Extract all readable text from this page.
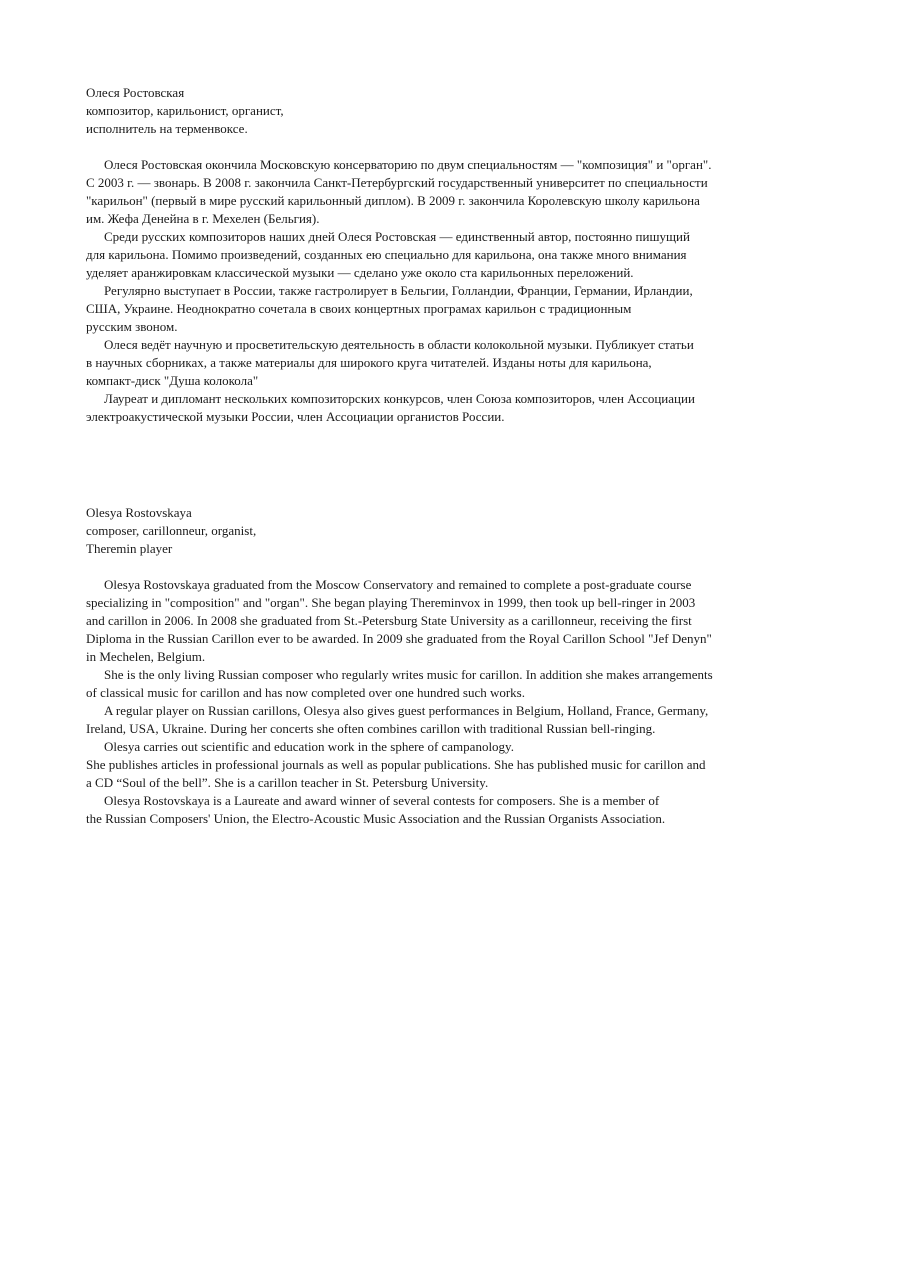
Олеся Ростовская
композитор, карильонист, органист,
исполнитель на терменвоксе.
Олеся Ростовская окончила Московскую консерваторию по двум специальностям — "композиция" и "орган".
С 2003 г. — звонарь. В 2008 г. закончила Санкт-Петербургский государственный университет по специальности
"карильон" (первый в мире русский карильонный диплом). В 2009 г. закончила Королевскую школу карильона
им. Жефа Денейна в г. Мехелен (Бельгия).
Среди русских композиторов наших дней Олеся Ростовская — единственный автор, постоянно пишущий
для карильона. Помимо произведений, созданных ею специально для карильона, она также много внимания
уделяет аранжировкам классической музыки — сделано уже около ста карильонных переложений.
Регулярно выступает в России, также гастролирует в Бельгии, Голландии, Франции, Германии, Ирландии,
США, Украине. Неоднократно сочетала в своих концертных програмах карильон с традиционным
русским звоном.
Олеся ведёт научную и просветительскую деятельность в области колокольной музыки. Публикует статьи
в научных сборниках, а также материалы для широкого круга читателей. Изданы ноты для карильона,
компакт-диск "Душа колокола"
Лауреат и дипломант нескольких композиторских конкурсов, член Союза композиторов, член Ассоциации
электроакустической музыки России, член Ассоциации органистов России.
Olesya Rostovskaya
composer, carillonneur, organist,
Theremin player
Olesya Rostovskaya graduated from the Moscow Conservatory and remained to complete a post-graduate course
specializing in "composition" and "organ". She began playing Thereminvox in 1999, then took up bell-ringer in 2003
and carillon in 2006. In 2008 she graduated from St.-Petersburg State University as a carillonneur, receiving the first
Diploma in the Russian Carillon ever to be awarded. In 2009 she graduated from the Royal Carillon School "Jef Denyn"
in Mechelen, Belgium.
She is the only living Russian composer who regularly writes music for carillon. In addition she makes arrangements
of classical music for carillon and has now completed over one hundred such works.
A regular player on Russian carillons, Olesya also gives guest performances in Belgium, Holland, France, Germany,
Ireland, USA, Ukraine. During her concerts she often combines carillon with traditional Russian bell-ringing.
Olesya carries out scientific and education work in the sphere of campanology.
She publishes articles in professional journals as well as popular publications. She has published music for carillon and
a CD “Soul of the bell”. She is a carillon teacher in St. Petersburg University.
Olesya Rostovskaya is a Laureate and award winner of several contests for composers. She is a member of
the Russian Composers' Union, the Electro-Acoustic Music Association and the Russian Organists Association.
